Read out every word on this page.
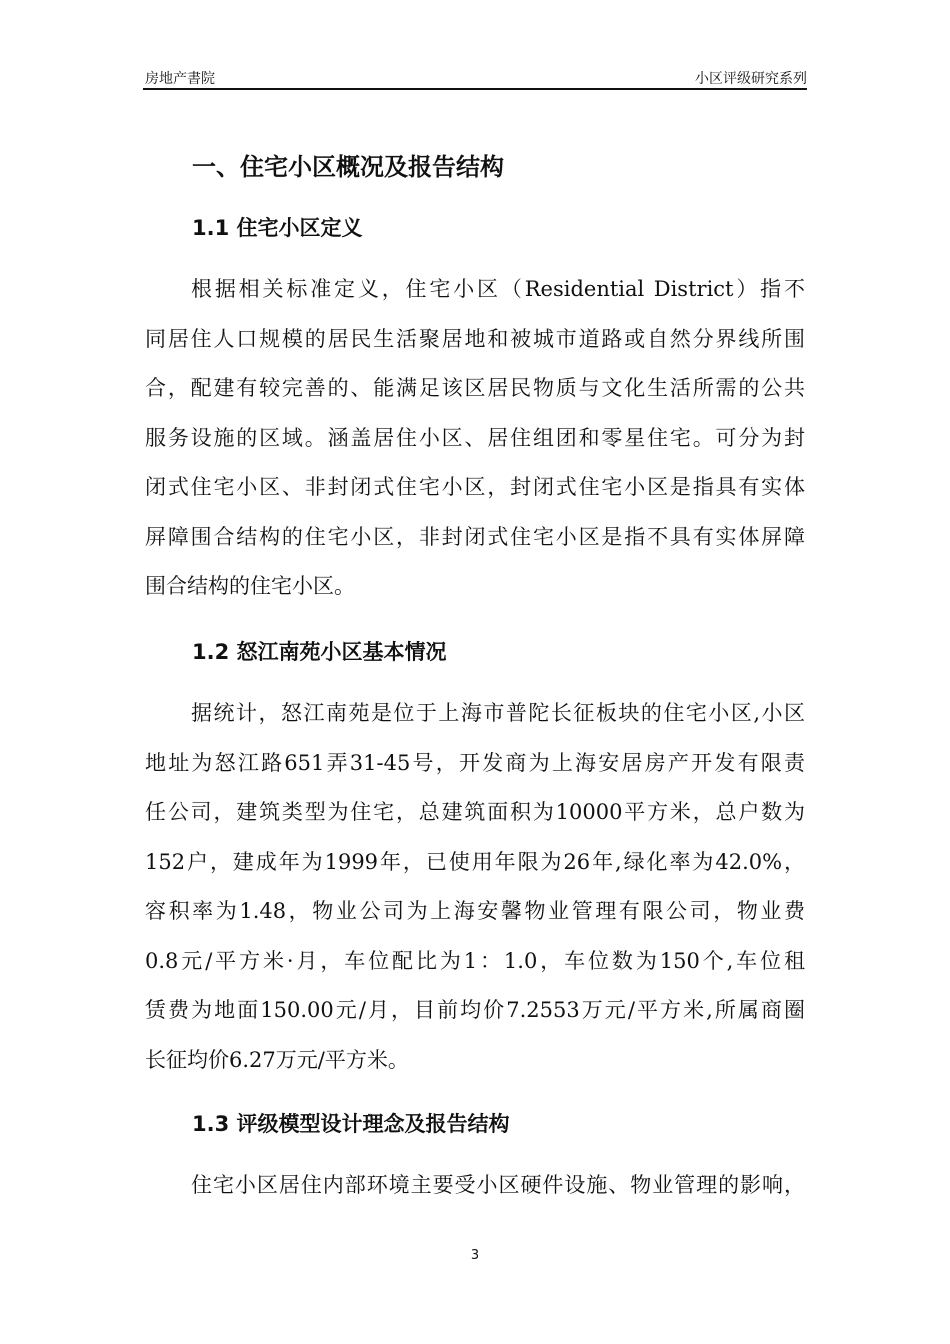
房地产書院	小区评级研究系列
一、住宅小区概况及报告结构
1.1 住宅小区定义
根据相关标准定义，住宅小区（Residential District）指不
同居住人口规模的居民生活聚居地和被城市道路或自然分界线所围
合，配建有较完善的、能满足该区居民物质与文化生活所需的公共
服务设施的区域。涵盖居住小区、居住组团和零星住宅。可分为封
闭式住宅小区、非封闭式住宅小区，封闭式住宅小区是指具有实体
屏障围合结构的住宅小区，非封闭式住宅小区是指不具有实体屏障
围合结构的住宅小区。
1.2 怒江南苑小区基本情况
据统计，怒江南苑是位于上海市普陀长征板块的住宅小区,小区
地址为怒江路651弄31-45号，开发商为上海安居房产开发有限责
任公司，建筑类型为住宅，总建筑面积为10000平方米，总户数为
152户，建成年为1999年，已使用年限为26年,绿化率为42.0%，
容积率为1.48，物业公司为上海安馨物业管理有限公司，物业费
0.8元/平方米·月，车位配比为1：1.0，车位数为150个,车位租
赁费为地面150.00元/月，目前均价7.2553万元/平方米,所属商圈
长征均价6.27万元/平方米。
1.3 评级模型设计理念及报告结构
住宅小区居住内部环境主要受小区硬件设施、物业管理的影响，
3
